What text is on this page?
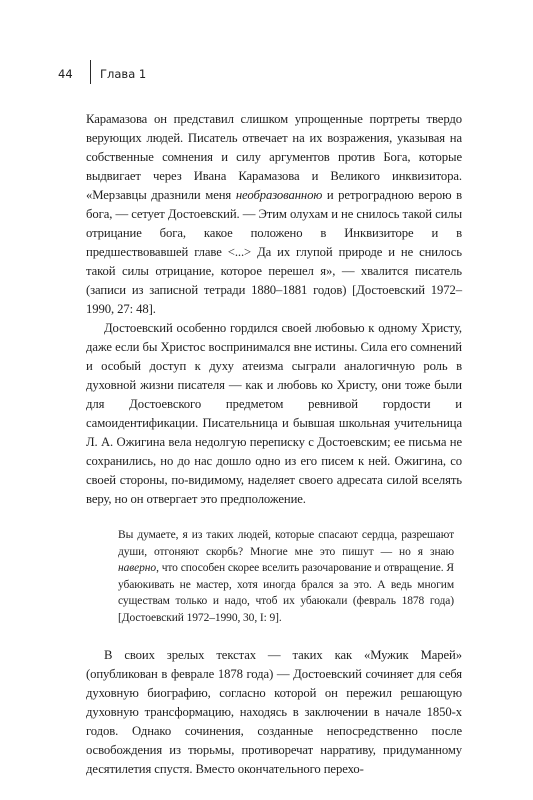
44 Глава 1

Карамазова он представил слишком упрощенные портреты твердо верующих людей. Писатель отвечает на их возражения, указывая на собственные сомнения и силу аргументов против Бога, которые выдвигает через Ивана Карамазова и Великого инквизитора. «Мерзавцы дразнили меня необразованною и ретроградною верою в бога, — сетует Достоевский. — Этим олухам и не снилось такой силы отрицание бога, какое положено в Инквизиторе и в предшествовавшей главе <...> Да их глупой природе и не снилось такой силы отрицание, которое перешел я», — хвалится писатель (записи из записной тетради 1880–1881 годов) [Достоевский 1972–1990, 27: 48].

Достоевский особенно гордился своей любовью к одному Христу, даже если бы Христос воспринимался вне истины. Сила его сомнений и особый доступ к духу атеизма сыграли аналогичную роль в духовной жизни писателя — как и любовь ко Христу, они тоже были для Достоевского предметом ревнивой гордости и самоидентификации. Писательница и бывшая школьная учительница Л. А. Ожигина вела недолгую переписку с Достоевским; ее письма не сохранились, но до нас дошло одно из его писем к ней. Ожигина, со своей стороны, по-видимому, наделяет своего адресата силой вселять веру, но он отвергает это предположение.

Вы думаете, я из таких людей, которые спасают сердца, разрешают души, отгоняют скорбь? Многие мне это пишут — но я знаю наверно, что способен скорее вселить разочарование и отвращение. Я убаюкивать не мастер, хотя иногда брался за это. А ведь многим существам только и надо, чтоб их убаюкали (февраль 1878 года) [Достоевский 1972–1990, 30, I: 9].

В своих зрелых текстах — таких как «Мужик Марей» (опубликован в феврале 1878 года) — Достоевский сочиняет для себя духовную биографию, согласно которой он пережил решающую духовную трансформацию, находясь в заключении в начале 1850-х годов. Однако сочинения, созданные непосредственно после освобождения из тюрьмы, противоречат нарративу, придуманному десятилетия спустя. Вместо окончательного перехо-
